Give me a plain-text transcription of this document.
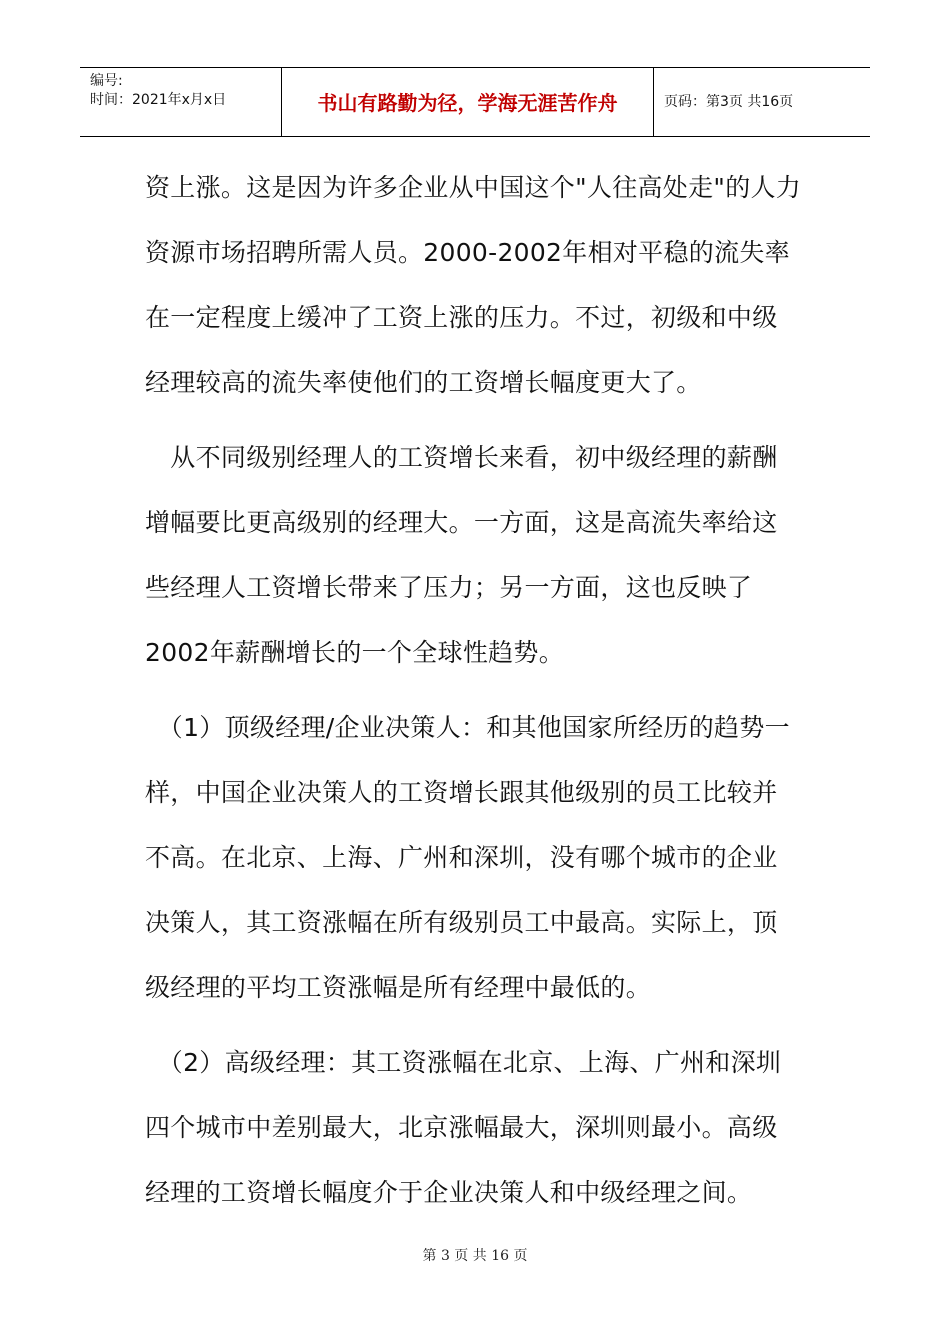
编号:
时间：2021年x月x日	书山有路勤为径，学海无涯苦作舟	页码：第3页 共16页

资上涨。这是因为许多企业从中国这个"人往高处走"的人力
资源市场招聘所需人员。2000-2002年相对平稳的流失率
在一定程度上缓冲了工资上涨的压力。不过，初级和中级
经理较高的流失率使他们的工资增长幅度更大了。

　从不同级别经理人的工资增长来看，初中级经理的薪酬
增幅要比更高级别的经理大。一方面，这是高流失率给这
些经理人工资增长带来了压力；另一方面，这也反映了
2002年薪酬增长的一个全球性趋势。

　（1）顶级经理/企业决策人：和其他国家所经历的趋势一
样，中国企业决策人的工资增长跟其他级别的员工比较并
不高。在北京、上海、广州和深圳，没有哪个城市的企业
决策人，其工资涨幅在所有级别员工中最高。实际上，顶
级经理的平均工资涨幅是所有经理中最低的。

　（2）高级经理：其工资涨幅在北京、上海、广州和深圳
四个城市中差别最大，北京涨幅最大，深圳则最小。高级
经理的工资增长幅度介于企业决策人和中级经理之间。

第 3 页 共 16 页
